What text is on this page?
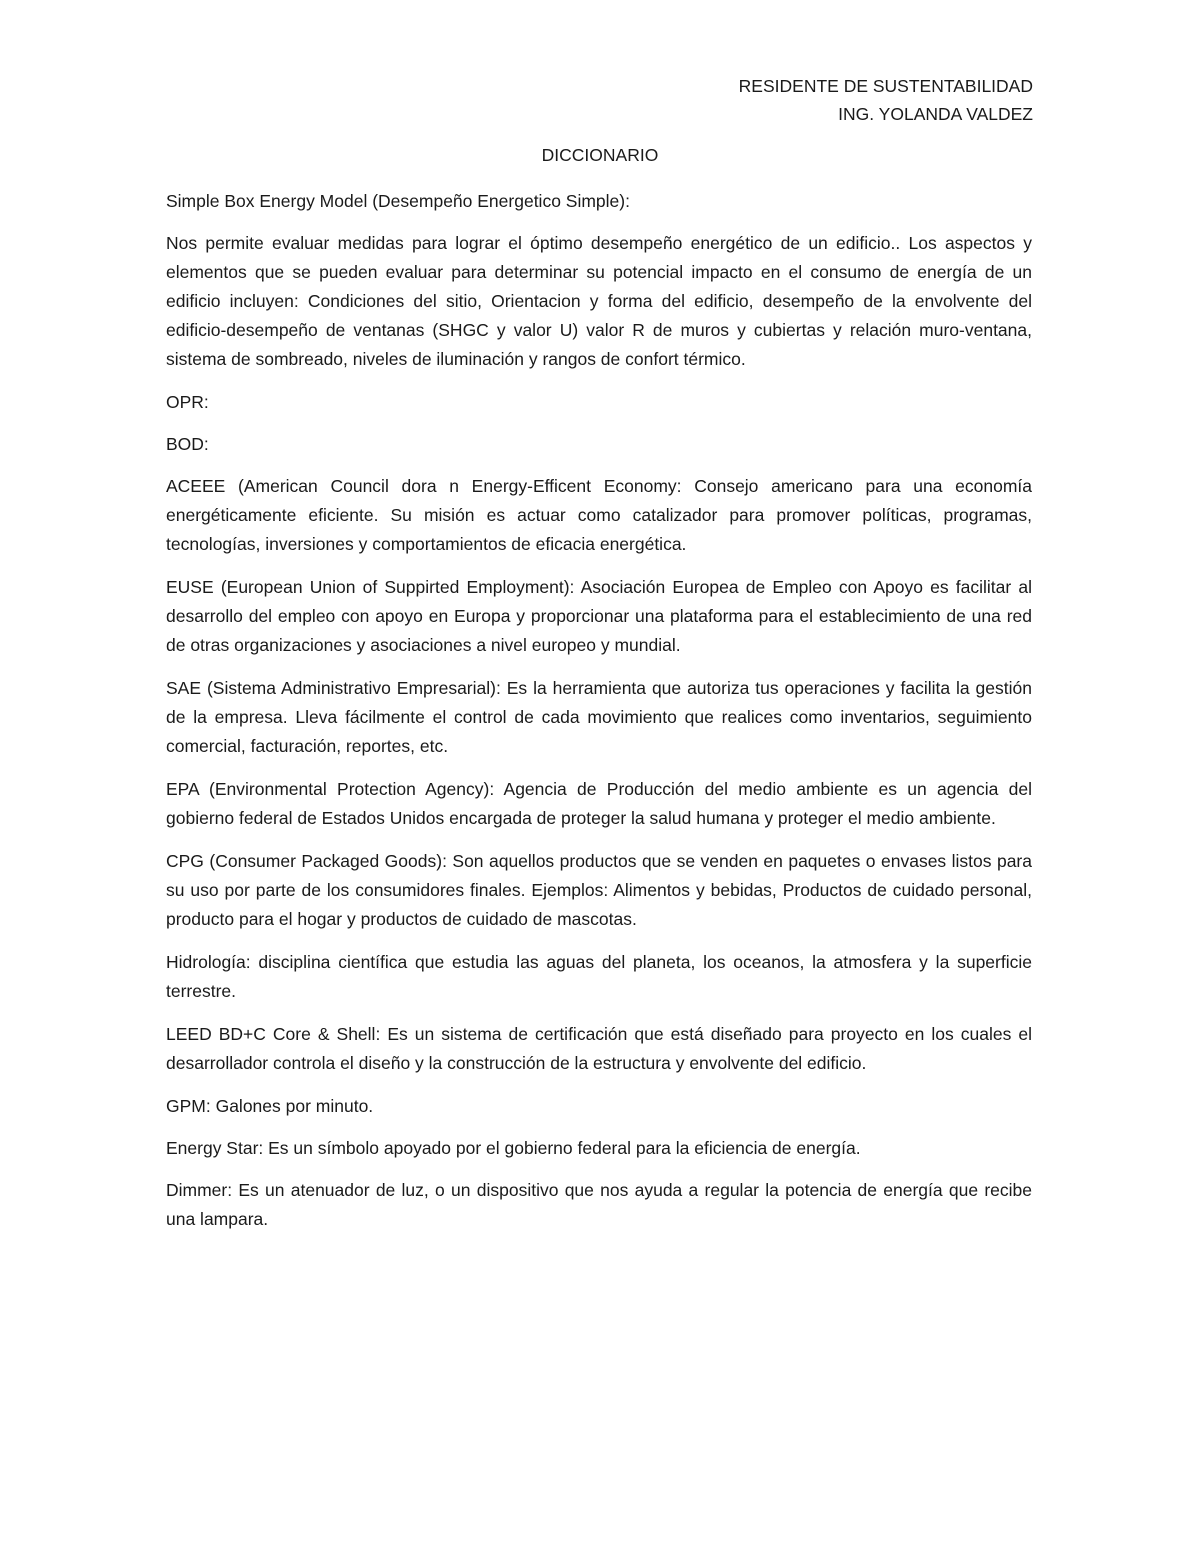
RESIDENTE DE SUSTENTABILIDAD
ING. YOLANDA VALDEZ
DICCIONARIO

Simple Box Energy Model (Desempeño Energetico Simple):

Nos permite evaluar medidas para lograr el óptimo desempeño energético de un edificio.. Los aspectos y elementos que se pueden evaluar para determinar su potencial impacto en el consumo de energía de un edificio incluyen: Condiciones del sitio, Orientacion y forma del edificio, desempeño de la envolvente del edificio-desempeño de ventanas (SHGC y valor U) valor R de muros y cubiertas y relación muro-ventana, sistema de sombreado, niveles de iluminación y rangos de confort térmico.

OPR:

BOD:

ACEEE (American Council dora n Energy-Efficent Economy: Consejo americano para una economía energéticamente eficiente. Su misión es actuar como catalizador para promover políticas, programas, tecnologías, inversiones y comportamientos de eficacia energética.

EUSE (European Union of Suppirted Employment): Asociación Europea de Empleo con Apoyo es facilitar al desarrollo del empleo con apoyo en Europa y proporcionar una plataforma para el establecimiento de una red de otras organizaciones y asociaciones a nivel europeo y mundial.

SAE (Sistema Administrativo Empresarial): Es la herramienta que autoriza tus operaciones y facilita la gestión de la empresa. Lleva fácilmente el control de cada movimiento que realices como inventarios, seguimiento comercial, facturación, reportes, etc.

EPA (Environmental Protection Agency): Agencia de Producción del medio ambiente es un agencia del gobierno federal de Estados Unidos encargada de proteger la salud humana y proteger el medio ambiente.

CPG (Consumer Packaged Goods): Son aquellos productos que se venden en paquetes o envases listos para su uso por parte de los consumidores finales. Ejemplos: Alimentos y bebidas, Productos de cuidado personal, producto para el hogar y productos de cuidado de mascotas.

Hidrología: disciplina científica que estudia las aguas del planeta, los oceanos, la atmosfera y la superficie terrestre.

LEED BD+C Core & Shell: Es un sistema de certificación que está diseñado para proyecto en los cuales el desarrollador controla el diseño y la construcción de la estructura y envolvente del edificio.

GPM: Galones por minuto.

Energy Star: Es un símbolo apoyado por el gobierno federal para la eficiencia de energía.

Dimmer: Es un atenuador de luz, o un dispositivo que nos ayuda a regular la potencia de energía que recibe una lampara.
